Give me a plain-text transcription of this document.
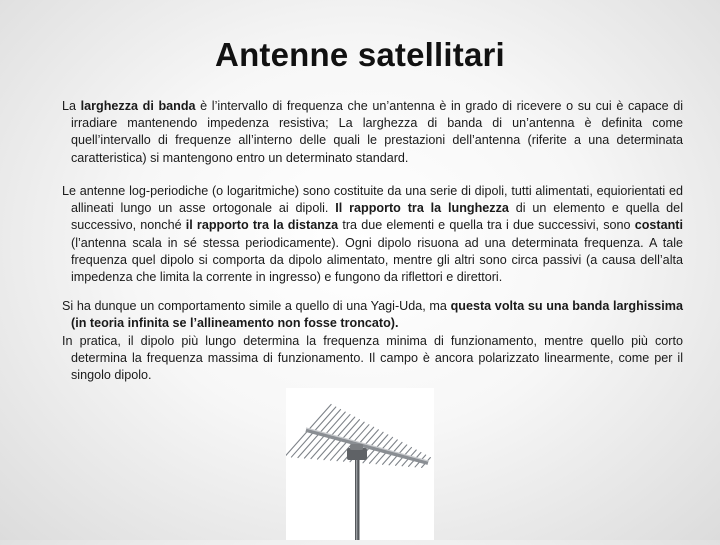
Antenne satellitari

La larghezza di banda è l’intervallo di frequenza che un’antenna è in grado di ricevere o su cui è capace di irradiare mantenendo impedenza resistiva; La larghezza di banda di un’antenna è definita come quell’intervallo di frequenze all’interno delle quali le prestazioni dell’antenna (riferite a una determinata caratteristica) si mantengono entro un determinato standard.

Le antenne log-periodiche (o logaritmiche) sono costituite da una serie di dipoli, tutti alimentati, equiorientati ed allineati lungo un asse ortogonale ai dipoli. Il rapporto tra la lunghezza di un elemento e quella del successivo, nonché il rapporto tra la distanza tra due elementi e quella tra i due successivi, sono costanti (l’antenna scala in sé stessa periodicamente). Ogni dipolo risuona ad una determinata frequenza. A tale frequenza quel dipolo si comporta da dipolo alimentato, mentre gli altri sono circa passivi (a causa dell’alta impedenza che limita la corrente in ingresso) e fungono da riflettori e direttori.

Si ha dunque un comportamento simile a quello di una Yagi-Uda, ma questa volta su una banda larghissima (in teoria infinita se l’allineamento non fosse troncato).

In pratica, il dipolo più lungo determina la frequenza minima di funzionamento, mentre quello più corto determina la frequenza massima di funzionamento. Il campo è ancora polarizzato linearmente, come per il singolo dipolo.
